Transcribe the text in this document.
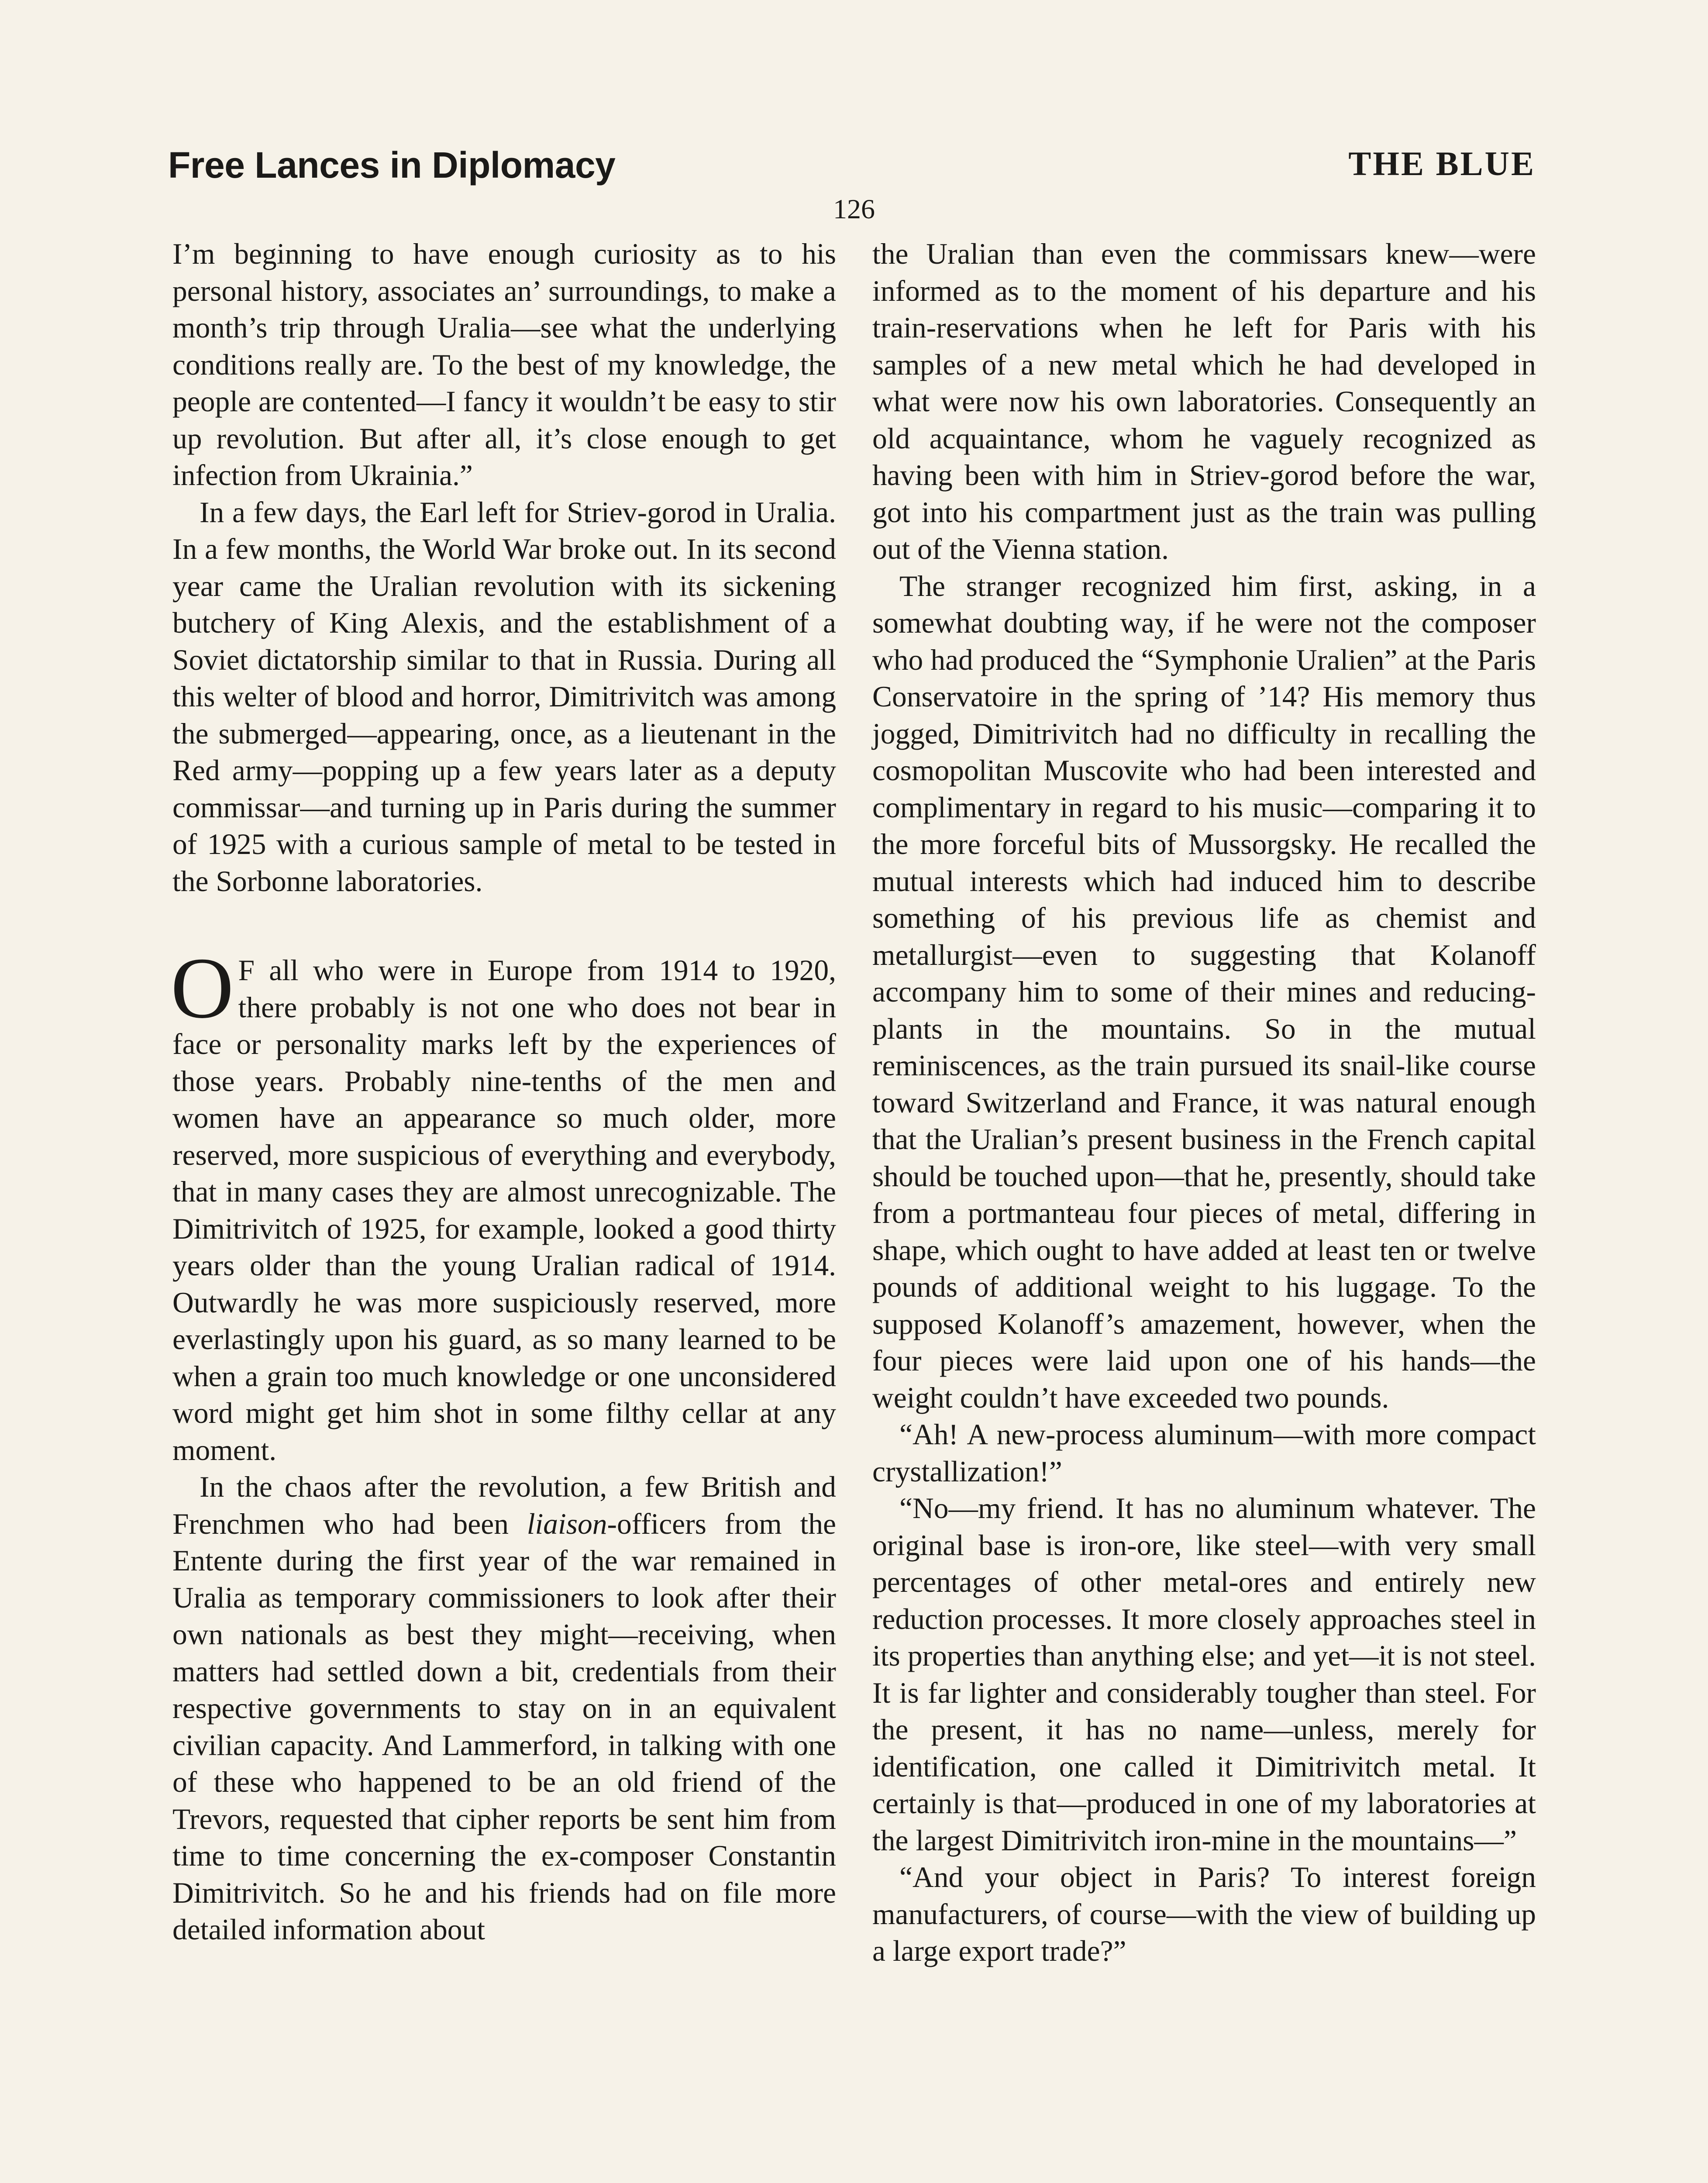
Free Lances in Diplomacy	THE BLUE
126

I’m beginning to have enough curiosity as to his personal history, associates an’ surroundings, to make a month’s trip through Uralia—see what the underlying conditions really are. To the best of my knowledge, the people are contented—I fancy it wouldn’t be easy to stir up revolution. But after all, it’s close enough to get infection from Ukrainia.”

In a few days, the Earl left for Striev-gorod in Uralia. In a few months, the World War broke out. In its second year came the Uralian revolution with its sickening butchery of King Alexis, and the establishment of a Soviet dictatorship similar to that in Russia. During all this welter of blood and horror, Dimitrivitch was among the submerged—appearing, once, as a lieutenant in the Red army—popping up a few years later as a deputy commissar—and turning up in Paris during the summer of 1925 with a curious sample of metal to be tested in the Sorbonne laboratories.

O F all who were in Europe from 1914 to 1920, there probably is not one who does not bear in face or personality marks left by the experiences of those years. Probably nine-tenths of the men and women have an appearance so much older, more reserved, more suspicious of everything and everybody, that in many cases they are almost unrecognizable. The Dimitrivitch of 1925, for example, looked a good thirty years older than the young Uralian radical of 1914. Outwardly he was more suspiciously reserved, more everlastingly upon his guard, as so many learned to be when a grain too much knowledge or one unconsidered word might get him shot in some filthy cellar at any moment.

In the chaos after the revolution, a few British and Frenchmen who had been liaison-officers from the Entente during the first year of the war remained in Uralia as temporary commissioners to look after their own nationals as best they might—receiving, when matters had settled down a bit, credentials from their respective governments to stay on in an equivalent civilian capacity. And Lammerford, in talking with one of these who happened to be an old friend of the Trevors, requested that cipher reports be sent him from time to time concerning the ex-composer Constantin Dimitrivitch. So he and his friends had on file more detailed information about

the Uralian than even the commissars knew—were informed as to the moment of his departure and his train-reservations when he left for Paris with his samples of a new metal which he had developed in what were now his own laboratories. Consequently an old acquaintance, whom he vaguely recognized as having been with him in Striev-gorod before the war, got into his compartment just as the train was pulling out of the Vienna station.

The stranger recognized him first, asking, in a somewhat doubting way, if he were not the composer who had produced the “Symphonie Uralien” at the Paris Conservatoire in the spring of ’14? His memory thus jogged, Dimitrivitch had no difficulty in recalling the cosmopolitan Muscovite who had been interested and complimentary in regard to his music—comparing it to the more forceful bits of Mussorgsky. He recalled the mutual interests which had induced him to describe something of his previous life as chemist and metallurgist—even to suggesting that Kolanoff accompany him to some of their mines and reducing-plants in the mountains. So in the mutual reminiscences, as the train pursued its snail-like course toward Switzerland and France, it was natural enough that the Uralian’s present business in the French capital should be touched upon—that he, presently, should take from a portmanteau four pieces of metal, differing in shape, which ought to have added at least ten or twelve pounds of additional weight to his luggage. To the supposed Kolanoff’s amazement, however, when the four pieces were laid upon one of his hands—the weight couldn’t have exceeded two pounds.

“Ah! A new-process aluminum—with more compact crystallization!”

“No—my friend. It has no aluminum whatever. The original base is iron-ore, like steel—with very small percentages of other metal-ores and entirely new reduction processes. It more closely approaches steel in its properties than anything else; and yet—it is not steel. It is far lighter and considerably tougher than steel. For the present, it has no name—unless, merely for identification, one called it Dimitrivitch metal. It certainly is that—produced in one of my laboratories at the largest Dimitrivitch iron-mine in the mountains—”

“And your object in Paris? To interest foreign manufacturers, of course—with the view of building up a large export trade?”
